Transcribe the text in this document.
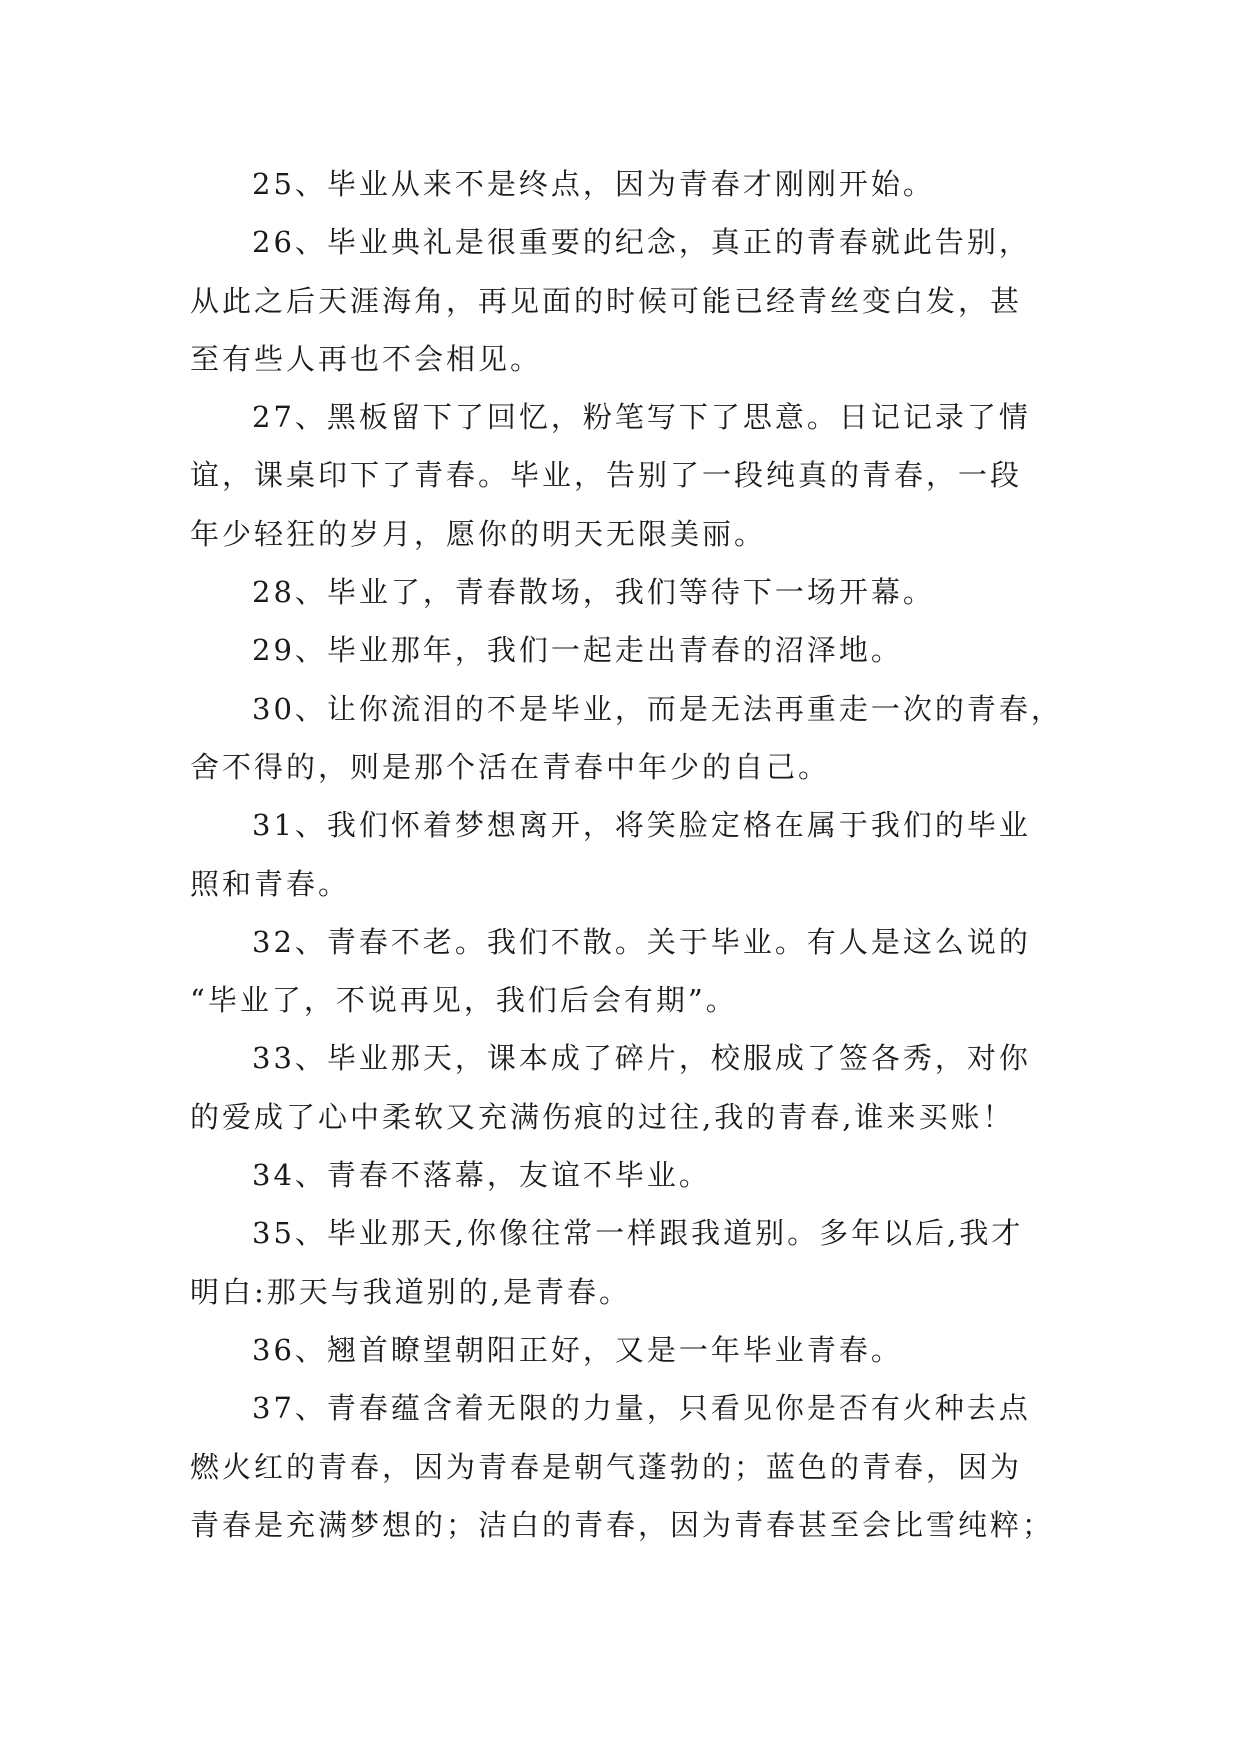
25、毕业从来不是终点，因为青春才刚刚开始。
26、毕业典礼是很重要的纪念，真正的青春就此告别，
从此之后天涯海角，再见面的时候可能已经青丝变白发，甚
至有些人再也不会相见。
27、黑板留下了回忆，粉笔写下了思意。日记记录了情
谊，课桌印下了青春。毕业，告别了一段纯真的青春，一段
年少轻狂的岁月，愿你的明天无限美丽。
28、毕业了，青春散场，我们等待下一场开幕。
29、毕业那年，我们一起走出青春的沼泽地。
30、让你流泪的不是毕业，而是无法再重走一次的青春，
舍不得的，则是那个活在青春中年少的自己。
31、我们怀着梦想离开，将笑脸定格在属于我们的毕业
照和青春。
32、青春不老。我们不散。关于毕业。有人是这么说的
“毕业了，不说再见，我们后会有期”。
33、毕业那天，课本成了碎片，校服成了签各秀，对你
的爱成了心中柔软又充满伤痕的过往,我的青春,谁来买账！
34、青春不落幕，友谊不毕业。
35、毕业那天,你像往常一样跟我道别。多年以后,我才
明白:那天与我道别的,是青春。
36、翘首瞭望朝阳正好，又是一年毕业青春。
37、青春蕴含着无限的力量，只看见你是否有火种去点
燃火红的青春，因为青春是朝气蓬勃的；蓝色的青春，因为
青春是充满梦想的；洁白的青春，因为青春甚至会比雪纯粹；
